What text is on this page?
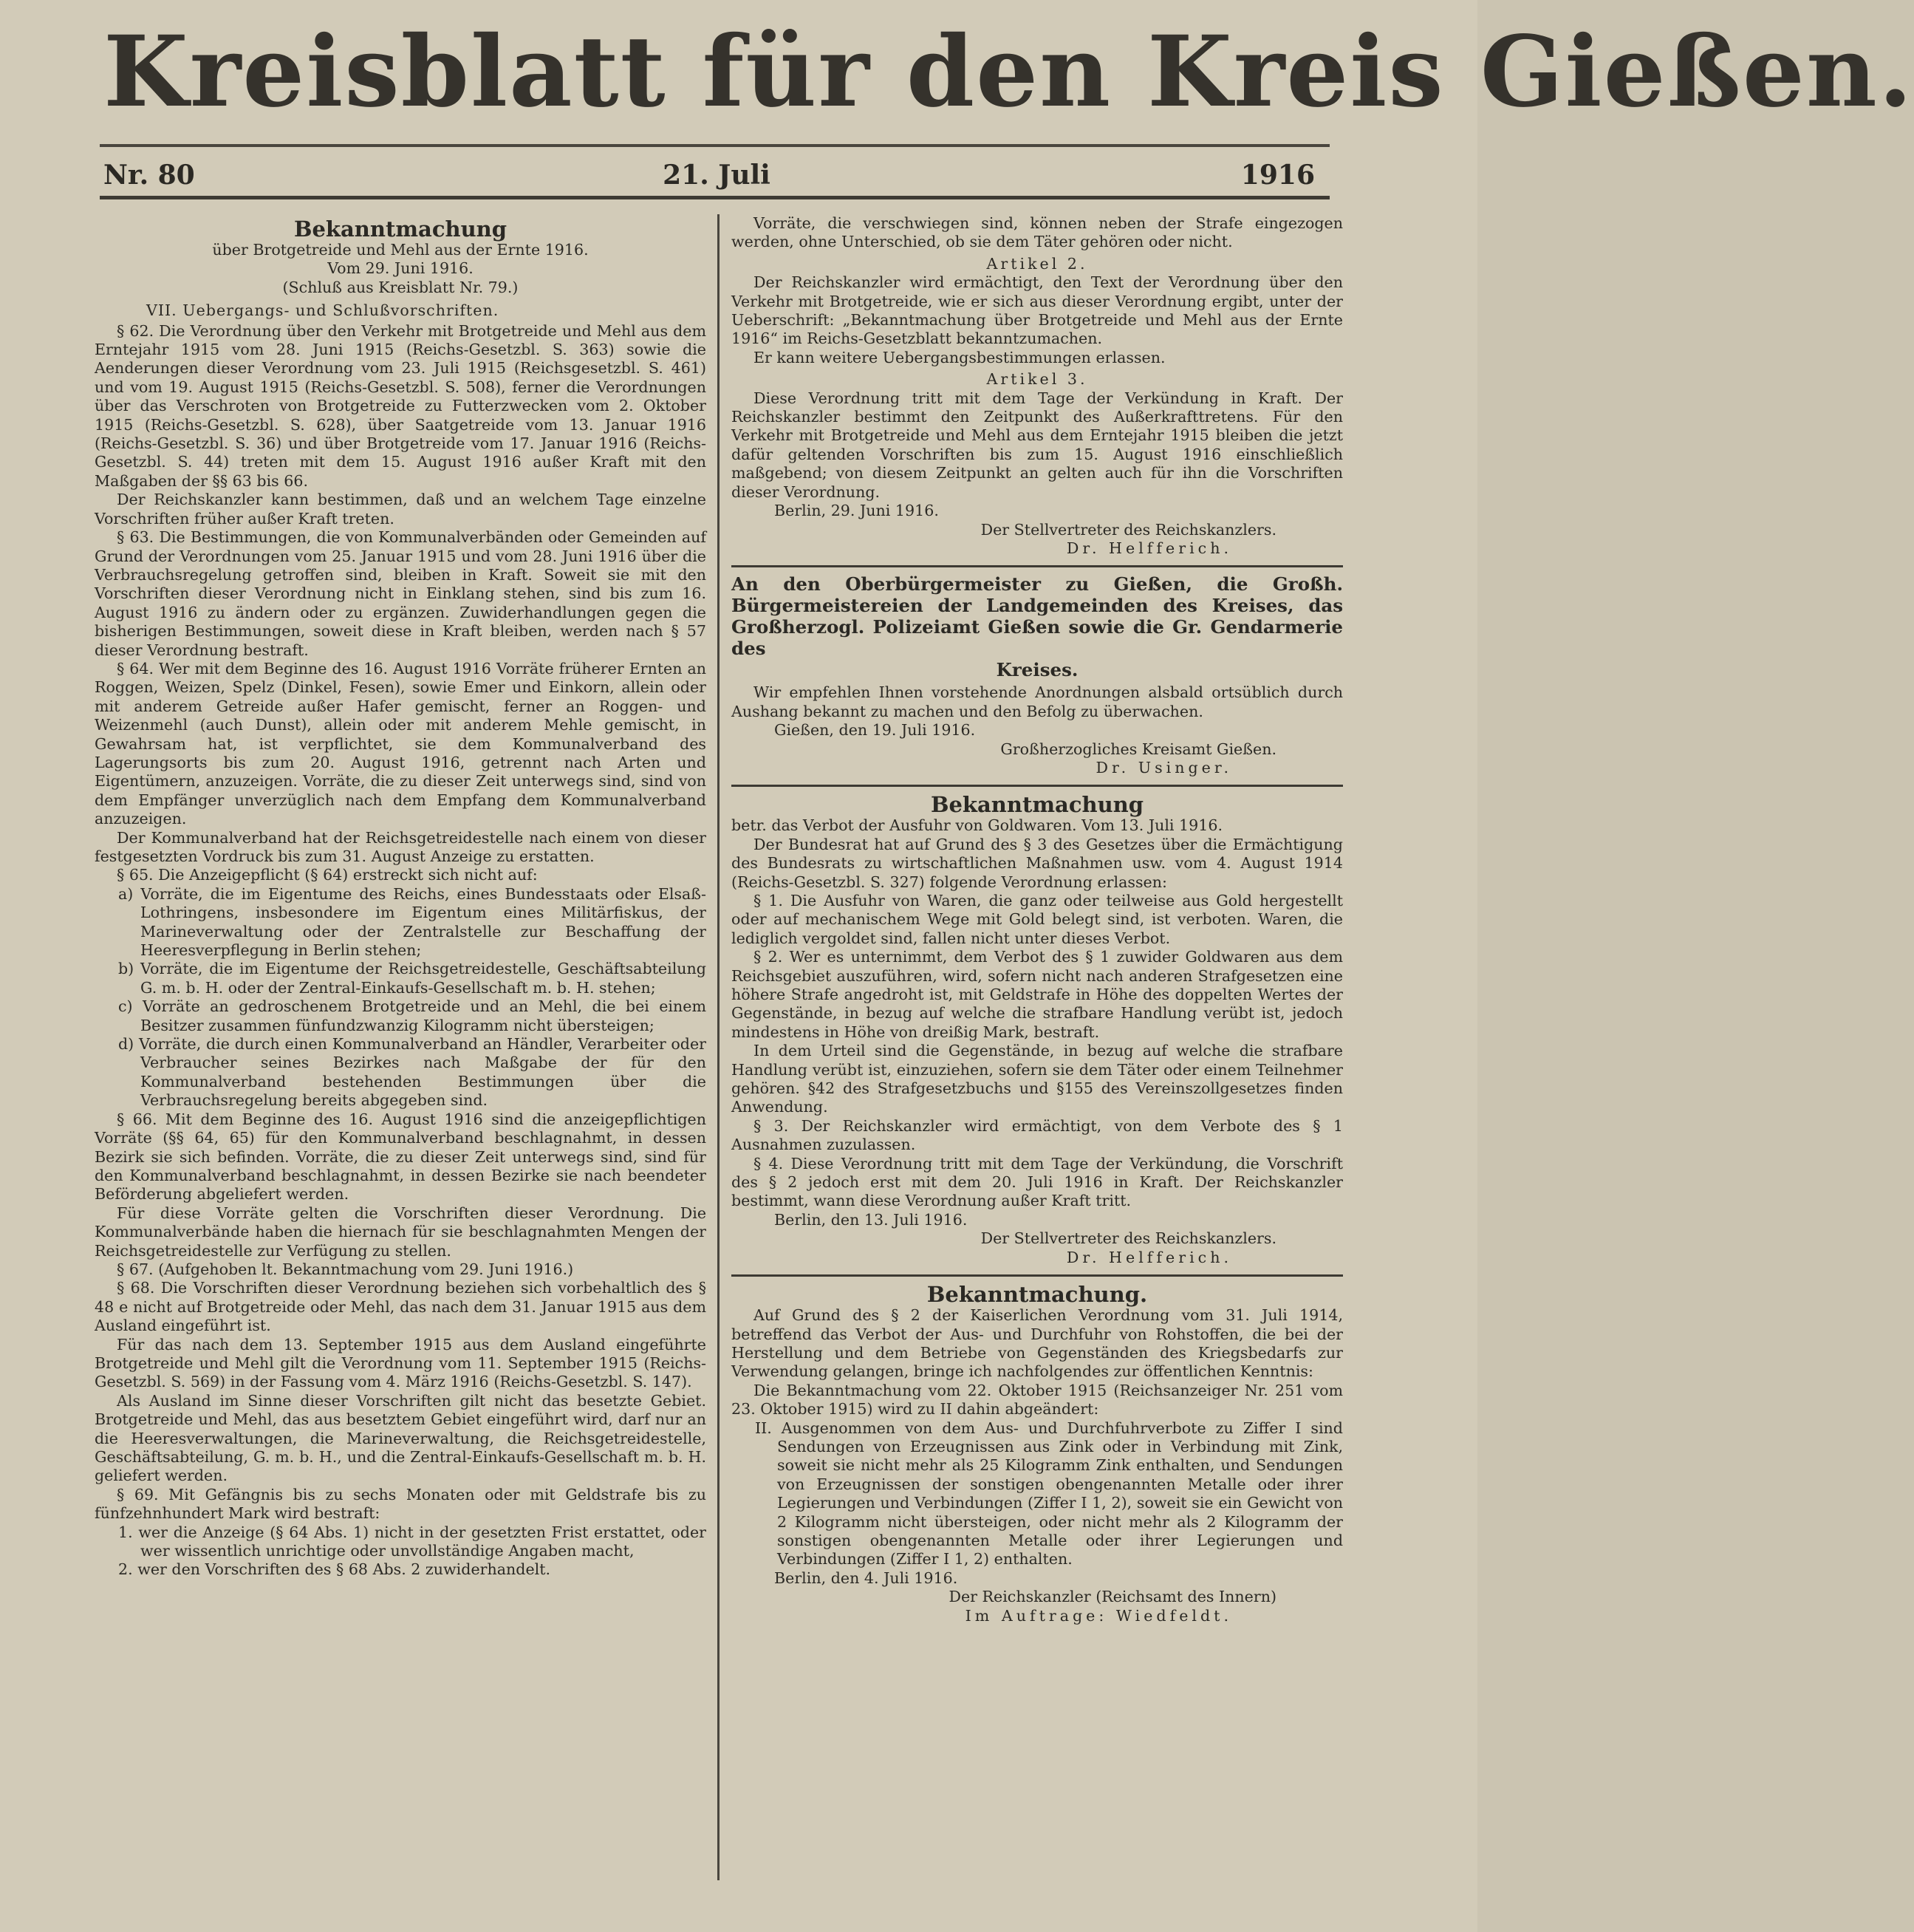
Kreisblatt für den Kreis Gießen.
Nr. 80	21. Juli	1916
Bekanntmachung
über Brotgetreide und Mehl aus der Ernte 1916.
Vom 29. Juni 1916.
(Schluß aus Kreisblatt Nr. 79.)
VII. Uebergangs- und Schlußvorschriften.

§ 62. Die Verordnung über den Verkehr mit Brotgetreide und Mehl aus dem Erntejahr 1915 vom 28. Juni 1915 (Reichs-Gesetzbl. S. 363) sowie die Aenderungen dieser Verordnung vom 23. Juli 1915 (Reichsgesetzbl. S. 461) und vom 19. August 1915 (Reichs-Gesetzbl. S. 508), ferner die Verordnungen über das Verschroten von Brotgetreide zu Futterzwecken vom 2. Oktober 1915 (Reichs-Gesetzbl. S. 628), über Saatgetreide vom 13. Januar 1916 (Reichs-Gesetzbl. S. 36) und über Brotgetreide vom 17. Januar 1916 (Reichs-Gesetzbl. S. 44) treten mit dem 15. August 1916 außer Kraft mit den Maßgaben der §§ 63 bis 66.

Der Reichskanzler kann bestimmen, daß und an welchem Tage einzelne Vorschriften früher außer Kraft treten.

§ 63. Die Bestimmungen, die von Kommunalverbänden oder Gemeinden auf Grund der Verordnungen vom 25. Januar 1915 und vom 28. Juni 1916 über die Verbrauchsregelung getroffen sind, bleiben in Kraft. Soweit sie mit den Vorschriften dieser Verordnung nicht in Einklang stehen, sind bis zum 16. August 1916 zu ändern oder zu ergänzen. Zuwiderhandlungen gegen die bisherigen Bestimmungen, soweit diese in Kraft bleiben, werden nach § 57 dieser Verordnung bestraft.

§ 64. Wer mit dem Beginne des 16. August 1916 Vorräte früherer Ernten an Roggen, Weizen, Spelz (Dinkel, Fesen), sowie Emer und Einkorn, allein oder mit anderem Getreide außer Hafer gemischt, ferner an Roggen- und Weizenmehl (auch Dunst), allein oder mit anderem Mehle gemischt, in Gewahrsam hat, ist verpflichtet, sie dem Kommunalverband des Lagerungsorts bis zum 20. August 1916, getrennt nach Arten und Eigentümern, anzuzeigen. Vorräte, die zu dieser Zeit unterwegs sind, sind von dem Empfänger unverzüglich nach dem Empfang dem Kommunalverband anzuzeigen.

Der Kommunalverband hat der Reichsgetreidestelle nach einem von dieser festgesetzten Vordruck bis zum 31. August Anzeige zu erstatten.

§ 65. Die Anzeigepflicht (§ 64) erstreckt sich nicht auf:

a) Vorräte, die im Eigentume des Reichs, eines Bundesstaats oder Elsaß-Lothringens, insbesondere im Eigentum eines Militärfiskus, der Marineverwaltung oder der Zentralstelle zur Beschaffung der Heeresverpflegung in Berlin stehen;

b) Vorräte, die im Eigentume der Reichsgetreidestelle, Geschäftsabteilung G. m. b. H. oder der Zentral-Einkaufs-Gesellschaft m. b. H. stehen;

c) Vorräte an gedroschenem Brotgetreide und an Mehl, die bei einem Besitzer zusammen fünfundzwanzig Kilogramm nicht übersteigen;

d) Vorräte, die durch einen Kommunalverband an Händler, Verarbeiter oder Verbraucher seines Bezirkes nach Maßgabe der für den Kommunalverband bestehenden Bestimmungen über die Verbrauchsregelung bereits abgegeben sind.

§ 66. Mit dem Beginne des 16. August 1916 sind die anzeigepflichtigen Vorräte (§§ 64, 65) für den Kommunalverband beschlagnahmt, in dessen Bezirk sie sich befinden. Vorräte, die zu dieser Zeit unterwegs sind, sind für den Kommunalverband beschlagnahmt, in dessen Bezirke sie nach beendeter Beförderung abgeliefert werden.

Für diese Vorräte gelten die Vorschriften dieser Verordnung. Die Kommunalverbände haben die hiernach für sie beschlagnahmten Mengen der Reichsgetreidestelle zur Verfügung zu stellen.

§ 67. (Aufgehoben lt. Bekanntmachung vom 29. Juni 1916.)

§ 68. Die Vorschriften dieser Verordnung beziehen sich vorbehaltlich des § 48 e nicht auf Brotgetreide oder Mehl, das nach dem 31. Januar 1915 aus dem Ausland eingeführt ist.

Für das nach dem 13. September 1915 aus dem Ausland eingeführte Brotgetreide und Mehl gilt die Verordnung vom 11. September 1915 (Reichs-Gesetzbl. S. 569) in der Fassung vom 4. März 1916 (Reichs-Gesetzbl. S. 147).

Als Ausland im Sinne dieser Vorschriften gilt nicht das besetzte Gebiet. Brotgetreide und Mehl, das aus besetztem Gebiet eingeführt wird, darf nur an die Heeresverwaltungen, die Marineverwaltung, die Reichsgetreidestelle, Geschäftsabteilung, G. m. b. H., und die Zentral-Einkaufs-Gesellschaft m. b. H. geliefert werden.

§ 69. Mit Gefängnis bis zu sechs Monaten oder mit Geldstrafe bis zu fünfzehnhundert Mark wird bestraft:

1. wer die Anzeige (§ 64 Abs. 1) nicht in der gesetzten Frist erstattet, oder wer wissentlich unrichtige oder unvollständige Angaben macht,

2. wer den Vorschriften des § 68 Abs. 2 zuwiderhandelt.

Vorräte, die verschwiegen sind, können neben der Strafe eingezogen werden, ohne Unterschied, ob sie dem Täter gehören oder nicht.

Artikel 2.

Der Reichskanzler wird ermächtigt, den Text der Verordnung über den Verkehr mit Brotgetreide, wie er sich aus dieser Verordnung ergibt, unter der Ueberschrift: „Bekanntmachung über Brotgetreide und Mehl aus der Ernte 1916“ im Reichs-Gesetzblatt bekanntzumachen.

Er kann weitere Uebergangsbestimmungen erlassen.

Artikel 3.

Diese Verordnung tritt mit dem Tage der Verkündung in Kraft. Der Reichskanzler bestimmt den Zeitpunkt des Außerkrafttretens. Für den Verkehr mit Brotgetreide und Mehl aus dem Erntejahr 1915 bleiben die jetzt dafür geltenden Vorschriften bis zum 15. August 1916 einschließlich maßgebend; von diesem Zeitpunkt an gelten auch für ihn die Vorschriften dieser Verordnung.

Berlin, 29. Juni 1916.

Der Stellvertreter des Reichskanzlers.

Dr. Helfferich.

An den Oberbürgermeister zu Gießen, die Großh. Bürgermeistereien der Landgemeinden des Kreises, das Großherzogl. Polizeiamt Gießen sowie die Gr. Gendarmerie des
Kreises.

Wir empfehlen Ihnen vorstehende Anordnungen alsbald ortsüblich durch Aushang bekannt zu machen und den Befolg zu überwachen.

Gießen, den 19. Juli 1916.

Großherzogliches Kreisamt Gießen.

Dr. Usinger.

Bekanntmachung

betr. das Verbot der Ausfuhr von Goldwaren. Vom 13. Juli 1916.

Der Bundesrat hat auf Grund des § 3 des Gesetzes über die Ermächtigung des Bundesrats zu wirtschaftlichen Maßnahmen usw. vom 4. August 1914 (Reichs-Gesetzbl. S. 327) folgende Verordnung erlassen:

§ 1. Die Ausfuhr von Waren, die ganz oder teilweise aus Gold hergestellt oder auf mechanischem Wege mit Gold belegt sind, ist verboten. Waren, die lediglich vergoldet sind, fallen nicht unter dieses Verbot.

§ 2. Wer es unternimmt, dem Verbot des § 1 zuwider Goldwaren aus dem Reichsgebiet auszuführen, wird, sofern nicht nach anderen Strafgesetzen eine höhere Strafe angedroht ist, mit Geldstrafe in Höhe des doppelten Wertes der Gegenstände, in bezug auf welche die strafbare Handlung verübt ist, jedoch mindestens in Höhe von dreißig Mark, bestraft.

In dem Urteil sind die Gegenstände, in bezug auf welche die strafbare Handlung verübt ist, einzuziehen, sofern sie dem Täter oder einem Teilnehmer gehören. §42 des Strafgesetzbuchs und §155 des Vereinszollgesetzes finden Anwendung.

§ 3. Der Reichskanzler wird ermächtigt, von dem Verbote des § 1 Ausnahmen zuzulassen.

§ 4. Diese Verordnung tritt mit dem Tage der Verkündung, die Vorschrift des § 2 jedoch erst mit dem 20. Juli 1916 in Kraft. Der Reichskanzler bestimmt, wann diese Verordnung außer Kraft tritt.

Berlin, den 13. Juli 1916.

Der Stellvertreter des Reichskanzlers.

Dr. Helfferich.

Bekanntmachung.

Auf Grund des § 2 der Kaiserlichen Verordnung vom 31. Juli 1914, betreffend das Verbot der Aus- und Durchfuhr von Rohstoffen, die bei der Herstellung und dem Betriebe von Gegenständen des Kriegsbedarfs zur Verwendung gelangen, bringe ich nachfolgendes zur öffentlichen Kenntnis:

Die Bekanntmachung vom 22. Oktober 1915 (Reichsanzeiger Nr. 251 vom 23. Oktober 1915) wird zu II dahin abgeändert:

II. Ausgenommen von dem Aus- und Durchfuhrverbote zu Ziffer I sind Sendungen von Erzeugnissen aus Zink oder in Verbindung mit Zink, soweit sie nicht mehr als 25 Kilogramm Zink enthalten, und Sendungen von Erzeugnissen der sonstigen obengenannten Metalle oder ihrer Legierungen und Verbindungen (Ziffer I 1, 2), soweit sie ein Gewicht von 2 Kilogramm nicht übersteigen, oder nicht mehr als 2 Kilogramm der sonstigen obengenannten Metalle oder ihrer Legierungen und Verbindungen (Ziffer I 1, 2) enthalten.

Berlin, den 4. Juli 1916.

Der Reichskanzler (Reichsamt des Innern)

Im Auftrage: Wiedfeldt.
